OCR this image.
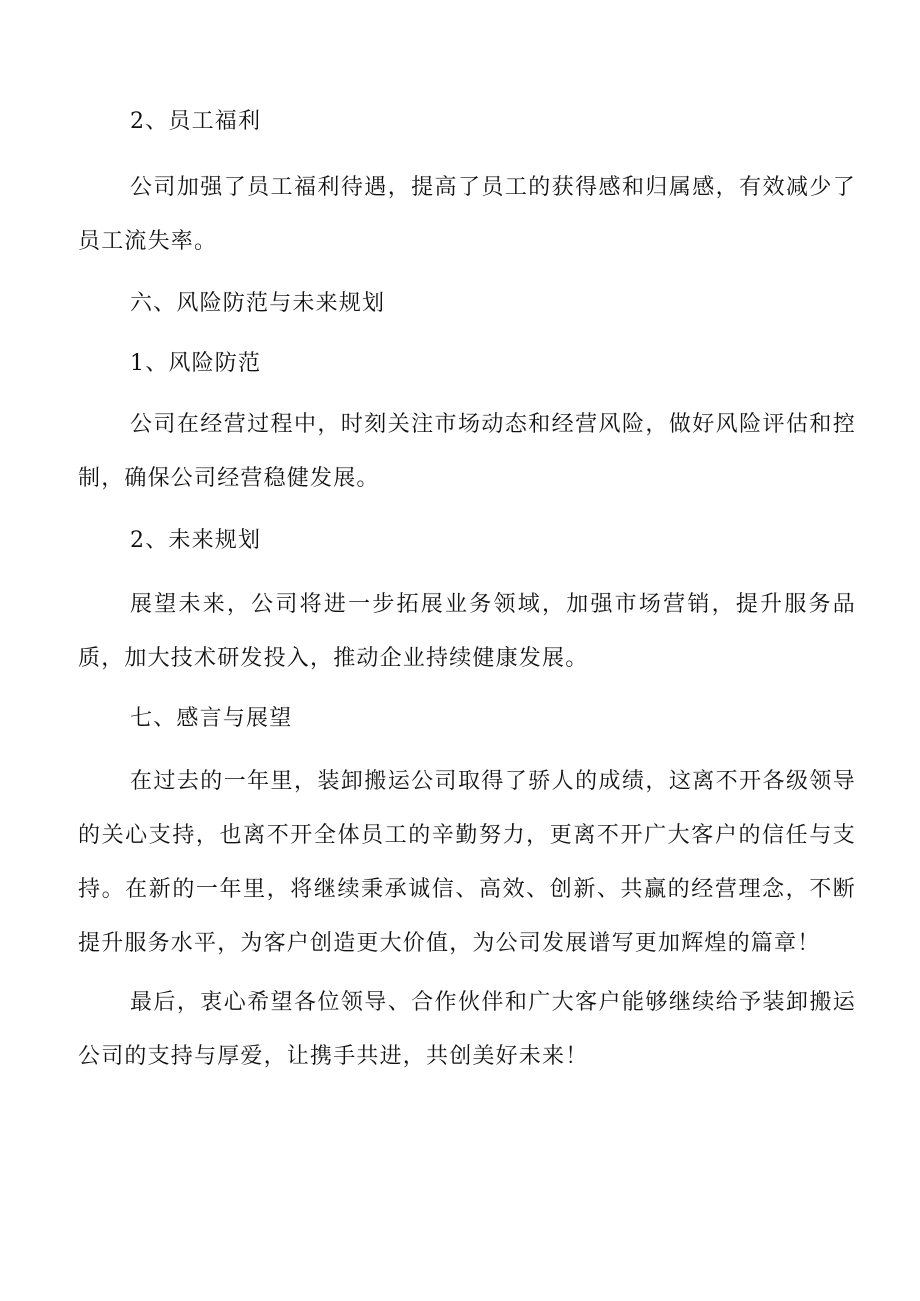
2、员工福利

公司加强了员工福利待遇，提高了员工的获得感和归属感，有效减少了员工流失率。

六、风险防范与未来规划

1、风险防范

公司在经营过程中，时刻关注市场动态和经营风险，做好风险评估和控制，确保公司经营稳健发展。

2、未来规划

展望未来，公司将进一步拓展业务领域，加强市场营销，提升服务品质，加大技术研发投入，推动企业持续健康发展。

七、感言与展望

在过去的一年里，装卸搬运公司取得了骄人的成绩，这离不开各级领导的关心支持，也离不开全体员工的辛勤努力，更离不开广大客户的信任与支持。在新的一年里，将继续秉承诚信、高效、创新、共赢的经营理念，不断提升服务水平，为客户创造更大价值，为公司发展谱写更加辉煌的篇章！

最后，衷心希望各位领导、合作伙伴和广大客户能够继续给予装卸搬运公司的支持与厚爱，让携手共进，共创美好未来！
